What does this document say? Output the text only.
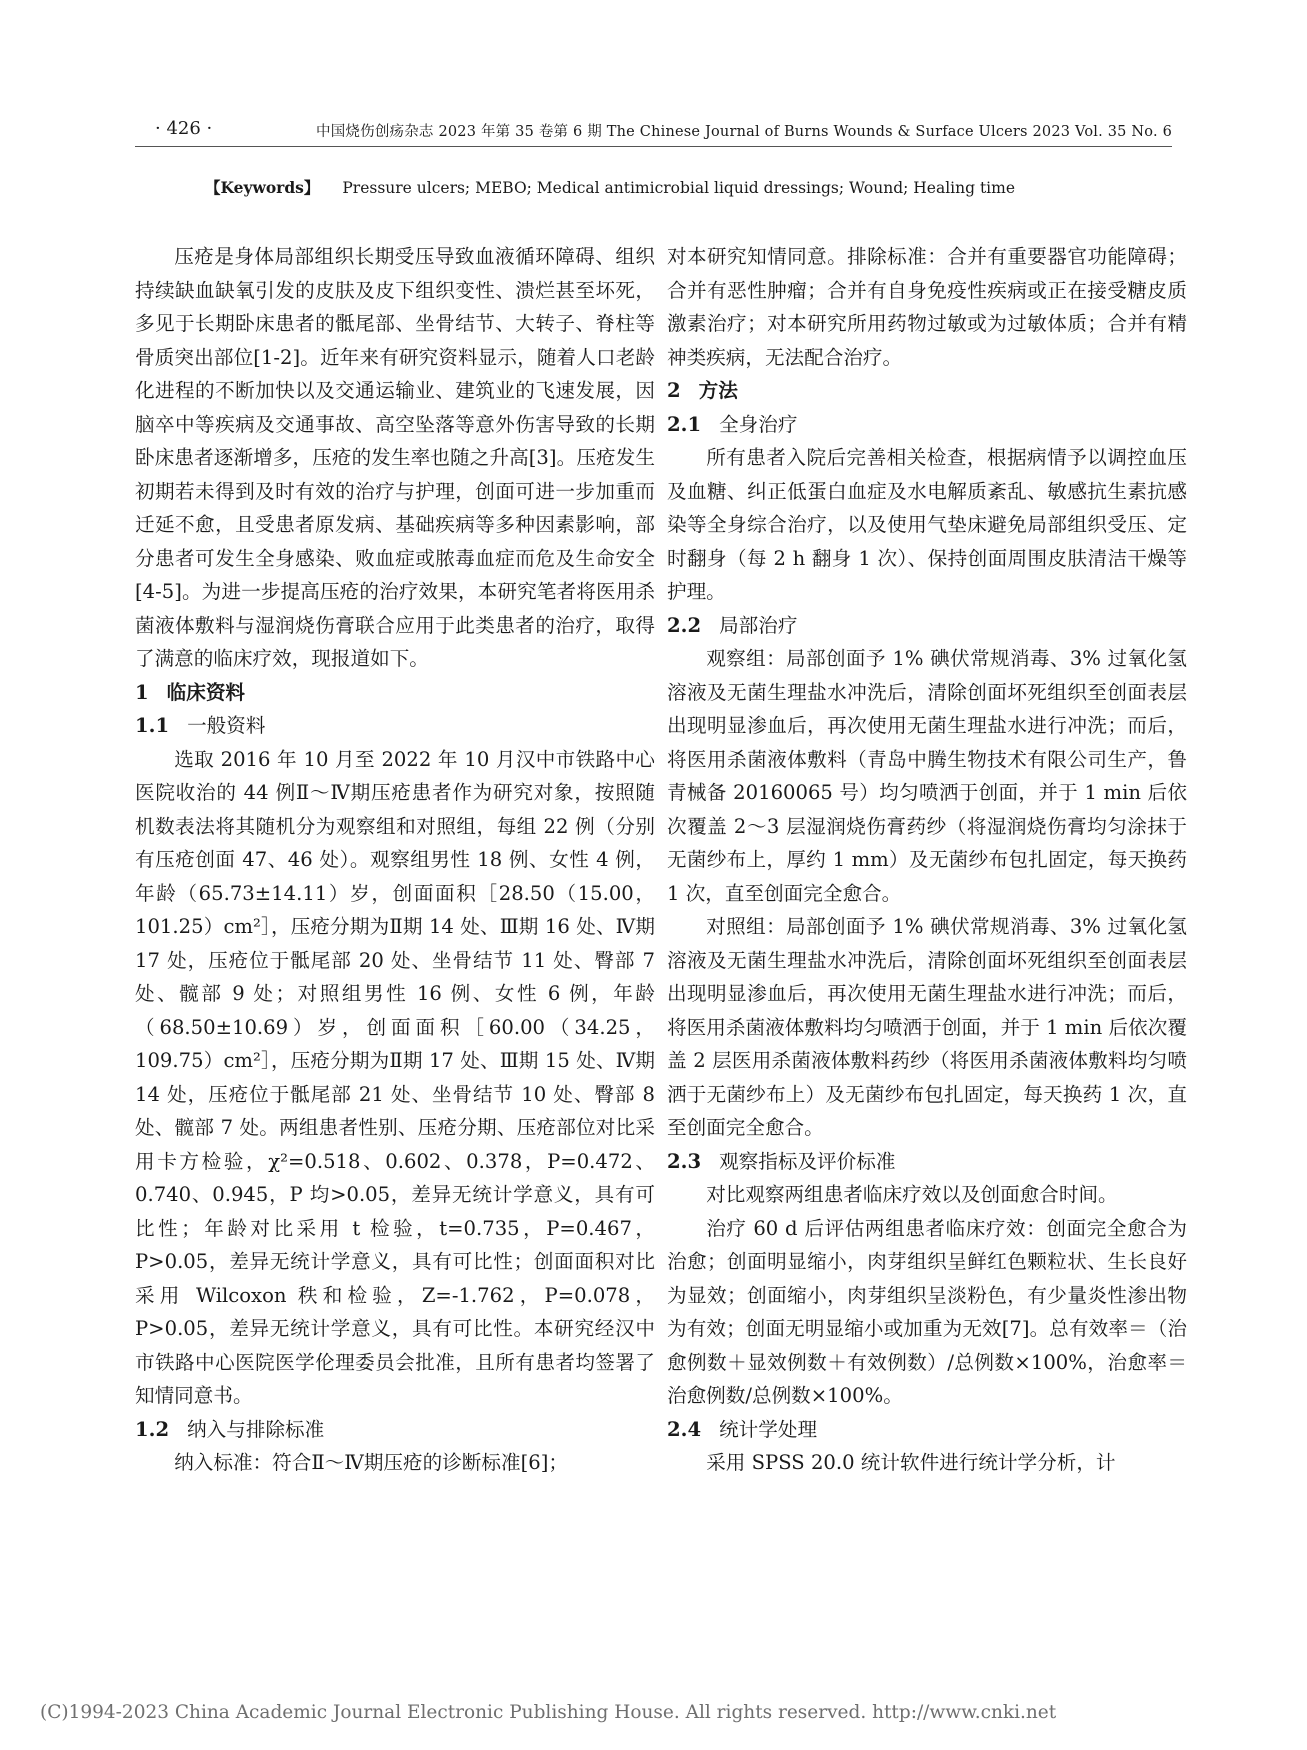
· 426 ·	中国烧伤创疡杂志 2023 年第 35 卷第 6 期 The Chinese Journal of Burns Wounds & Surface Ulcers 2023 Vol. 35 No. 6
【Keywords】 Pressure ulcers; MEBO; Medical antimicrobial liquid dressings; Wound; Healing time

压疮是身体局部组织长期受压导致血液循环障碍、组织持续缺血缺氧引发的皮肤及皮下组织变性、溃烂甚至坏死，多见于长期卧床患者的骶尾部、坐骨结节、大转子、脊柱等骨质突出部位[1-2]。近年来有研究资料显示，随着人口老龄化进程的不断加快以及交通运输业、建筑业的飞速发展，因脑卒中等疾病及交通事故、高空坠落等意外伤害导致的长期卧床患者逐渐增多，压疮的发生率也随之升高[3]。压疮发生初期若未得到及时有效的治疗与护理，创面可进一步加重而迁延不愈，且受患者原发病、基础疾病等多种因素影响，部分患者可发生全身感染、败血症或脓毒血症而危及生命安全[4-5]。为进一步提高压疮的治疗效果，本研究笔者将医用杀菌液体敷料与湿润烧伤膏联合应用于此类患者的治疗，取得了满意的临床疗效，现报道如下。

1 临床资料
1.1 一般资料

选取 2016 年 10 月至 2022 年 10 月汉中市铁路中心医院收治的 44 例Ⅱ～Ⅳ期压疮患者作为研究对象，按照随机数表法将其随机分为观察组和对照组，每组 22 例（分别有压疮创面 47、46 处）。观察组男性 18 例、女性 4 例，年龄（65.73±14.11）岁，创面面积［28.50（15.00，101.25）cm²］，压疮分期为Ⅱ期 14 处、Ⅲ期 16 处、Ⅳ期 17 处，压疮位于骶尾部 20 处、坐骨结节 11 处、臀部 7 处、髋部 9 处；对照组男性 16 例、女性 6 例，年龄（68.50±10.69）岁，创面面积［60.00（34.25，109.75）cm²］，压疮分期为Ⅱ期 17 处、Ⅲ期 15 处、Ⅳ期 14 处，压疮位于骶尾部 21 处、坐骨结节 10 处、臀部 8 处、髋部 7 处。两组患者性别、压疮分期、压疮部位对比采用卡方检验，χ²=0.518、0.602、0.378，P=0.472、0.740、0.945，P 均>0.05，差异无统计学意义，具有可比性；年龄对比采用 t 检验，t=0.735，P=0.467，P>0.05，差异无统计学意义，具有可比性；创面面积对比采用 Wilcoxon 秩和检验，Z=-1.762，P=0.078，P>0.05，差异无统计学意义，具有可比性。本研究经汉中市铁路中心医院医学伦理委员会批准，且所有患者均签署了知情同意书。

1.2 纳入与排除标准

纳入标准：符合Ⅱ～Ⅳ期压疮的诊断标准[6]；

对本研究知情同意。排除标准：合并有重要器官功能障碍；合并有恶性肿瘤；合并有自身免疫性疾病或正在接受糖皮质激素治疗；对本研究所用药物过敏或为过敏体质；合并有精神类疾病，无法配合治疗。

2 方法
2.1 全身治疗

所有患者入院后完善相关检查，根据病情予以调控血压及血糖、纠正低蛋白血症及水电解质紊乱、敏感抗生素抗感染等全身综合治疗，以及使用气垫床避免局部组织受压、定时翻身（每 2 h 翻身 1 次）、保持创面周围皮肤清洁干燥等护理。

2.2 局部治疗

观察组：局部创面予 1% 碘伏常规消毒、3% 过氧化氢溶液及无菌生理盐水冲洗后，清除创面坏死组织至创面表层出现明显渗血后，再次使用无菌生理盐水进行冲洗；而后，将医用杀菌液体敷料（青岛中腾生物技术有限公司生产，鲁青械备 20160065 号）均匀喷洒于创面，并于 1 min 后依次覆盖 2～3 层湿润烧伤膏药纱（将湿润烧伤膏均匀涂抹于无菌纱布上，厚约 1 mm）及无菌纱布包扎固定，每天换药 1 次，直至创面完全愈合。

对照组：局部创面予 1% 碘伏常规消毒、3% 过氧化氢溶液及无菌生理盐水冲洗后，清除创面坏死组织至创面表层出现明显渗血后，再次使用无菌生理盐水进行冲洗；而后，将医用杀菌液体敷料均匀喷洒于创面，并于 1 min 后依次覆盖 2 层医用杀菌液体敷料药纱（将医用杀菌液体敷料均匀喷洒于无菌纱布上）及无菌纱布包扎固定，每天换药 1 次，直至创面完全愈合。

2.3 观察指标及评价标准

对比观察两组患者临床疗效以及创面愈合时间。

治疗 60 d 后评估两组患者临床疗效：创面完全愈合为治愈；创面明显缩小，肉芽组织呈鲜红色颗粒状、生长良好为显效；创面缩小，肉芽组织呈淡粉色，有少量炎性渗出物为有效；创面无明显缩小或加重为无效[7]。总有效率＝（治愈例数＋显效例数＋有效例数）/总例数×100%，治愈率＝治愈例数/总例数×100%。

2.4 统计学处理

采用 SPSS 20.0 统计软件进行统计学分析，计

(C)1994-2023 China Academic Journal Electronic Publishing House. All rights reserved. http://www.cnki.net
